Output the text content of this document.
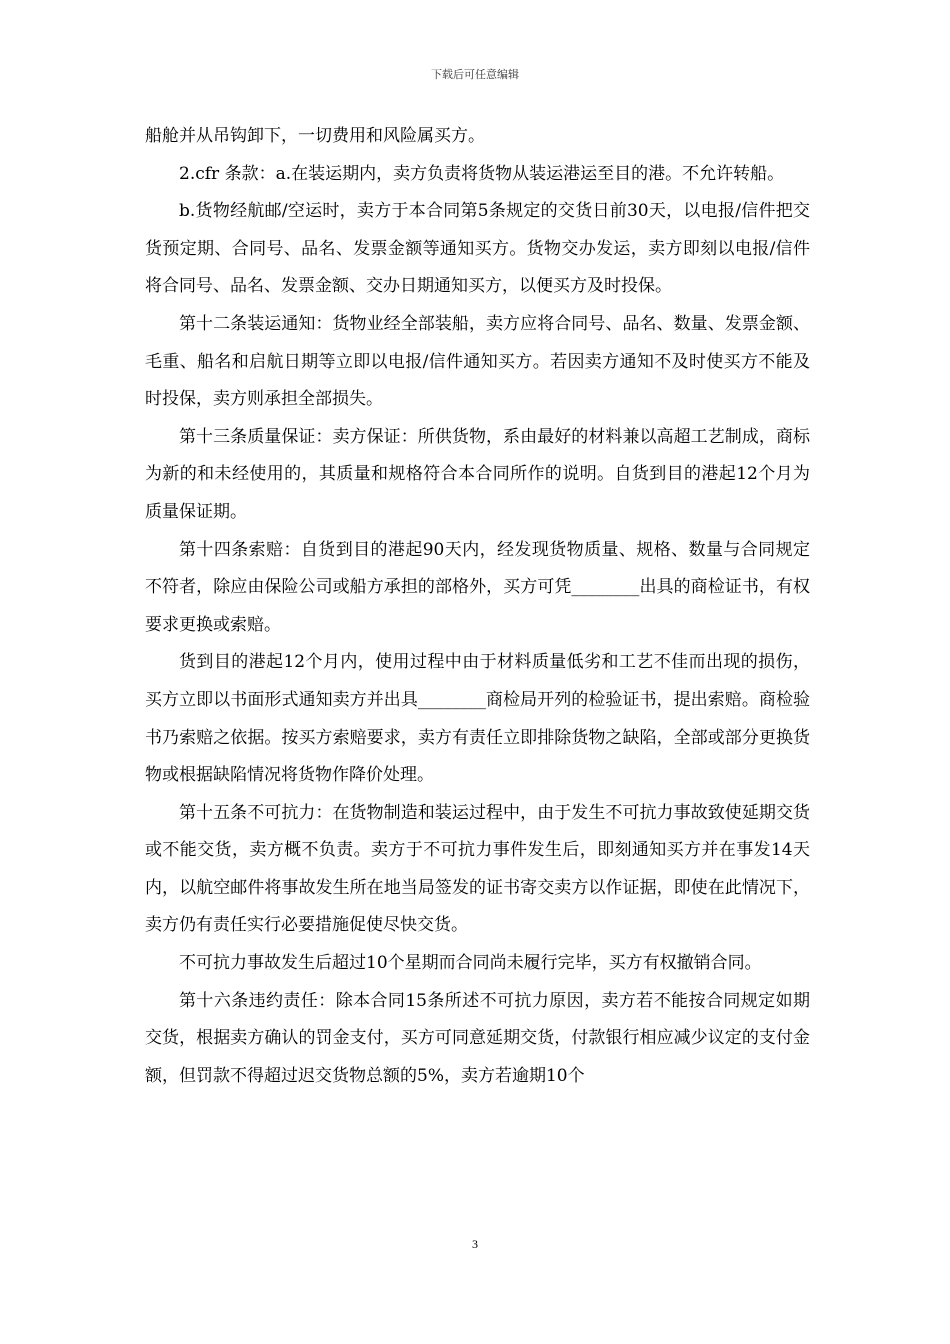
下载后可任意编辑

船舱并从吊钩卸下，一切费用和风险属买方。

2.cfr 条款：a.在装运期内，卖方负责将货物从装运港运至目的港。不允许转船。

b.货物经航邮/空运时，卖方于本合同第5条规定的交货日前30天，以电报/信件把交货预定期、合同号、品名、发票金额等通知买方。货物交办发运，卖方即刻以电报/信件将合同号、品名、发票金额、交办日期通知买方，以便买方及时投保。

第十二条装运通知：货物业经全部装船，卖方应将合同号、品名、数量、发票金额、毛重、船名和启航日期等立即以电报/信件通知买方。若因卖方通知不及时使买方不能及时投保，卖方则承担全部损失。

第十三条质量保证：卖方保证：所供货物，系由最好的材料兼以高超工艺制成，商标为新的和未经使用的，其质量和规格符合本合同所作的说明。自货到目的港起12个月为质量保证期。

第十四条索赔：自货到目的港起90天内，经发现货物质量、规格、数量与合同规定不符者，除应由保险公司或船方承担的部格外，买方可凭________出具的商检证书，有权要求更换或索赔。

货到目的港起12个月内，使用过程中由于材料质量低劣和工艺不佳而出现的损伤，买方立即以书面形式通知卖方并出具________商检局开列的检验证书，提出索赔。商检验书乃索赔之依据。按买方索赔要求，卖方有责任立即排除货物之缺陷，全部或部分更换货物或根据缺陷情况将货物作降价处理。

第十五条不可抗力：在货物制造和装运过程中，由于发生不可抗力事故致使延期交货或不能交货，卖方概不负责。卖方于不可抗力事件发生后，即刻通知买方并在事发14天内，以航空邮件将事故发生所在地当局签发的证书寄交卖方以作证据，即使在此情况下，卖方仍有责任实行必要措施促使尽快交货。

不可抗力事故发生后超过10个星期而合同尚未履行完毕，买方有权撤销合同。

第十六条违约责任：除本合同15条所述不可抗力原因，卖方若不能按合同规定如期交货，根据卖方确认的罚金支付，买方可同意延期交货，付款银行相应减少议定的支付金额，但罚款不得超过迟交货物总额的5%，卖方若逾期10个

3
